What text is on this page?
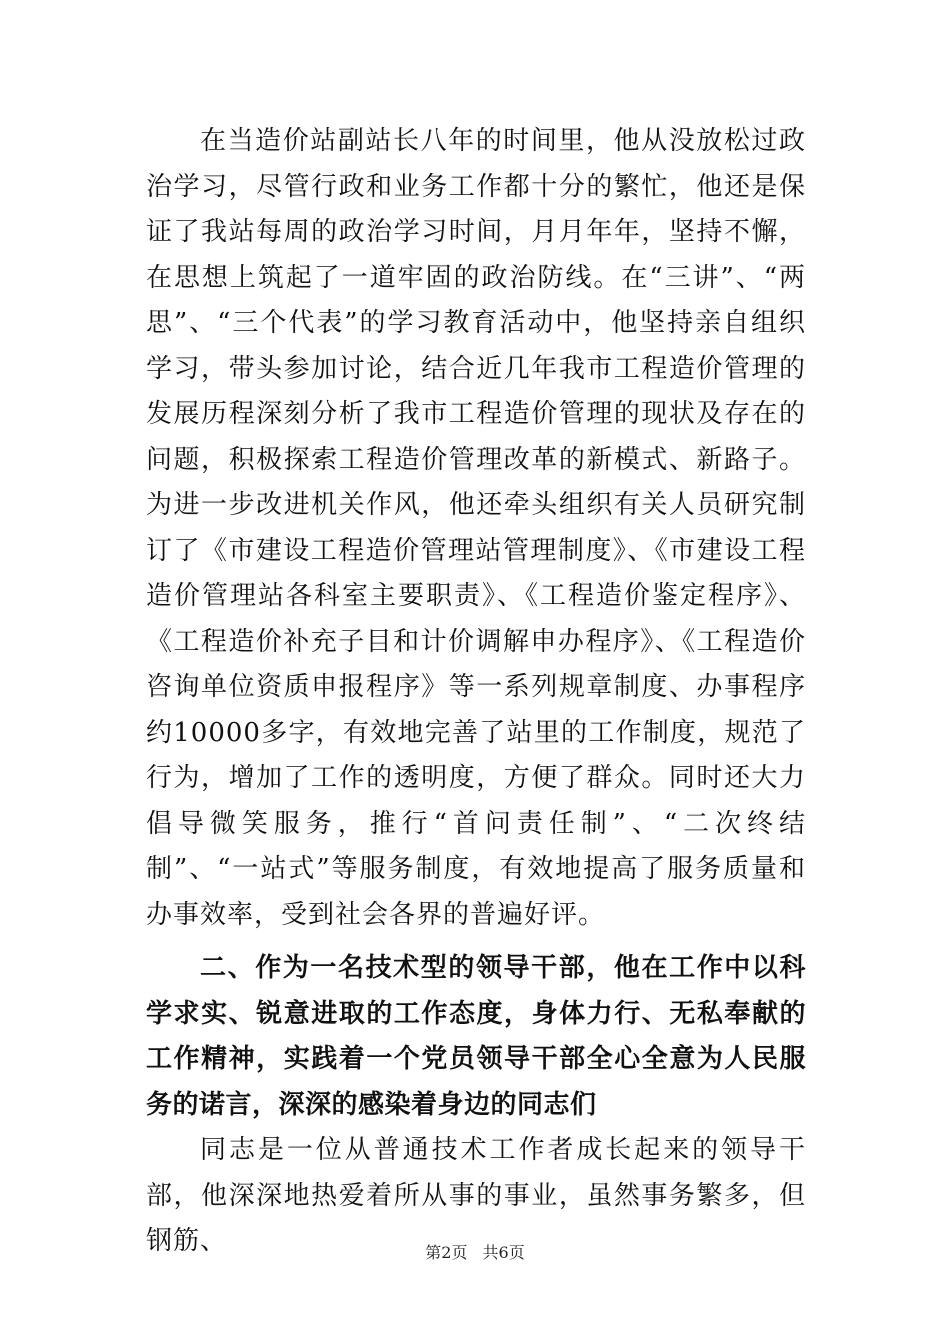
在当造价站副站长八年的时间里，他从没放松过政治学习，尽管行政和业务工作都十分的繁忙，他还是保证了我站每周的政治学习时间，月月年年，坚持不懈，在思想上筑起了一道牢固的政治防线。在“三讲”、“两思”、“三个代表”的学习教育活动中，他坚持亲自组织学习，带头参加讨论，结合近几年我市工程造价管理的发展历程深刻分析了我市工程造价管理的现状及存在的问题，积极探索工程造价管理改革的新模式、新路子。为进一步改进机关作风，他还牵头组织有关人员研究制订了《市建设工程造价管理站管理制度》、《市建设工程造价管理站各科室主要职责》、《工程造价鉴定程序》、《工程造价补充子目和计价调解申办程序》、《工程造价咨询单位资质申报程序》等一系列规章制度、办事程序约10000多字，有效地完善了站里的工作制度，规范了行为，增加了工作的透明度，方便了群众。同时还大力倡导微笑服务，推行“首问责任制”、“二次终结制”、“一站式”等服务制度，有效地提高了服务质量和办事效率，受到社会各界的普遍好评。
二、作为一名技术型的领导干部，他在工作中以科学求实、锐意进取的工作态度，身体力行、无私奉献的工作精神，实践着一个党员领导干部全心全意为人民服务的诺言，深深的感染着身边的同志们
同志是一位从普通技术工作者成长起来的领导干部，他深深地热爱着所从事的事业，虽然事务繁多，但钢筋、	第2页 共6页
